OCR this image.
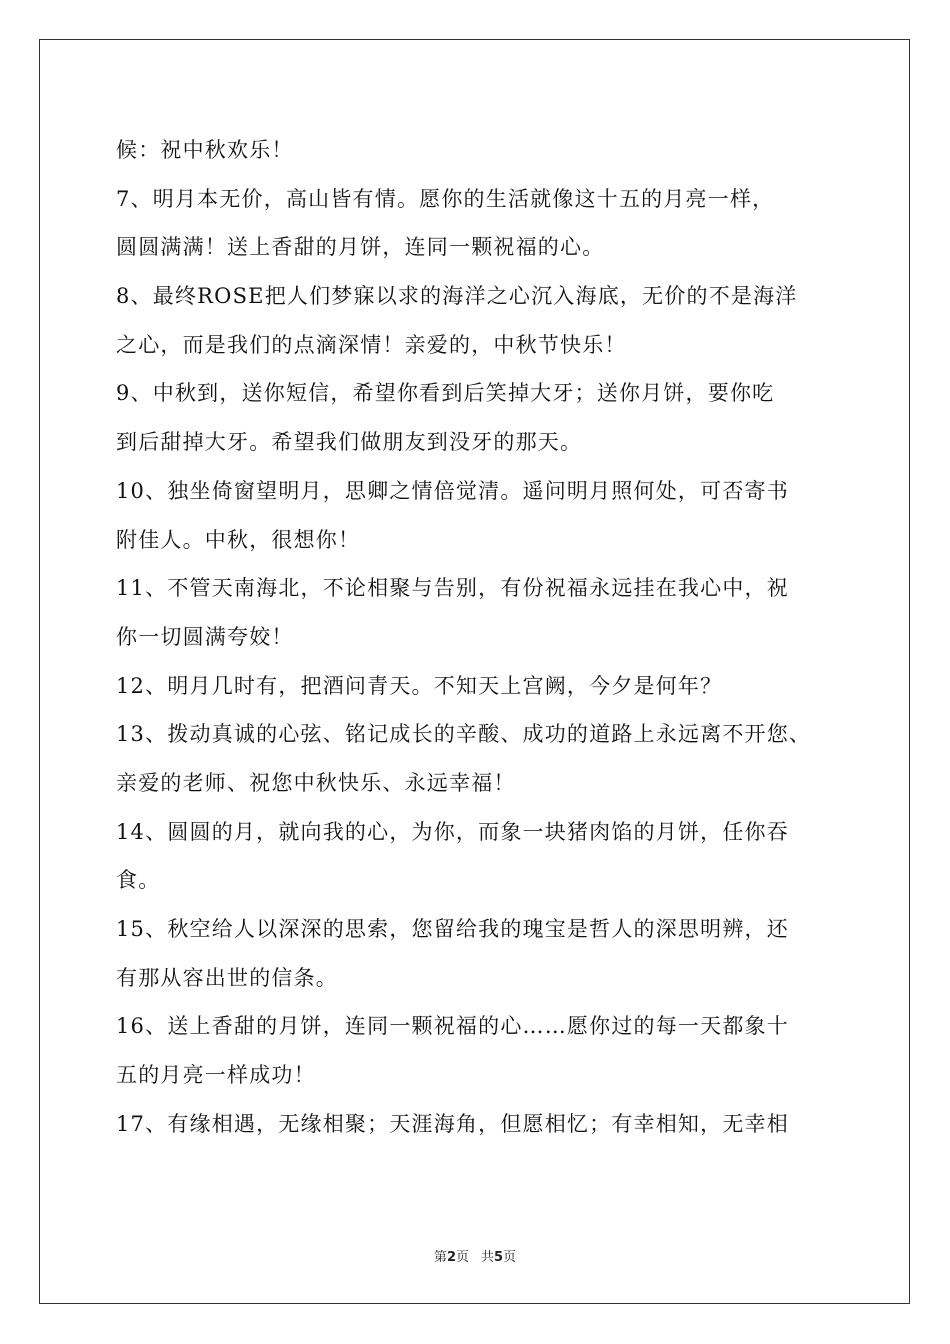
候：祝中秋欢乐！
7、明月本无价，高山皆有情。愿你的生活就像这十五的月亮一样，
圆圆满满！送上香甜的月饼，连同一颗祝福的心。
8、最终ROSE把人们梦寐以求的海洋之心沉入海底，无价的不是海洋
之心，而是我们的点滴深情！亲爱的，中秋节快乐！
9、中秋到，送你短信，希望你看到后笑掉大牙；送你月饼，要你吃
到后甜掉大牙。希望我们做朋友到没牙的那天。
10、独坐倚窗望明月，思卿之情倍觉清。遥问明月照何处，可否寄书
附佳人。中秋，很想你！
11、不管天南海北，不论相聚与告别，有份祝福永远挂在我心中，祝
你一切圆满夸姣！
12、明月几时有，把酒问青天。不知天上宫阙，今夕是何年？
13、拨动真诚的心弦、铭记成长的辛酸、成功的道路上永远离不开您、
亲爱的老师、祝您中秋快乐、永远幸福！
14、圆圆的月，就向我的心，为你，而象一块猪肉馅的月饼，任你吞
食。
15、秋空给人以深深的思索，您留给我的瑰宝是哲人的深思明辨，还
有那从容出世的信条。
16、送上香甜的月饼，连同一颗祝福的心……愿你过的每一天都象十
五的月亮一样成功！
17、有缘相遇，无缘相聚；天涯海角，但愿相忆；有幸相知，无幸相
第2页 共5页
